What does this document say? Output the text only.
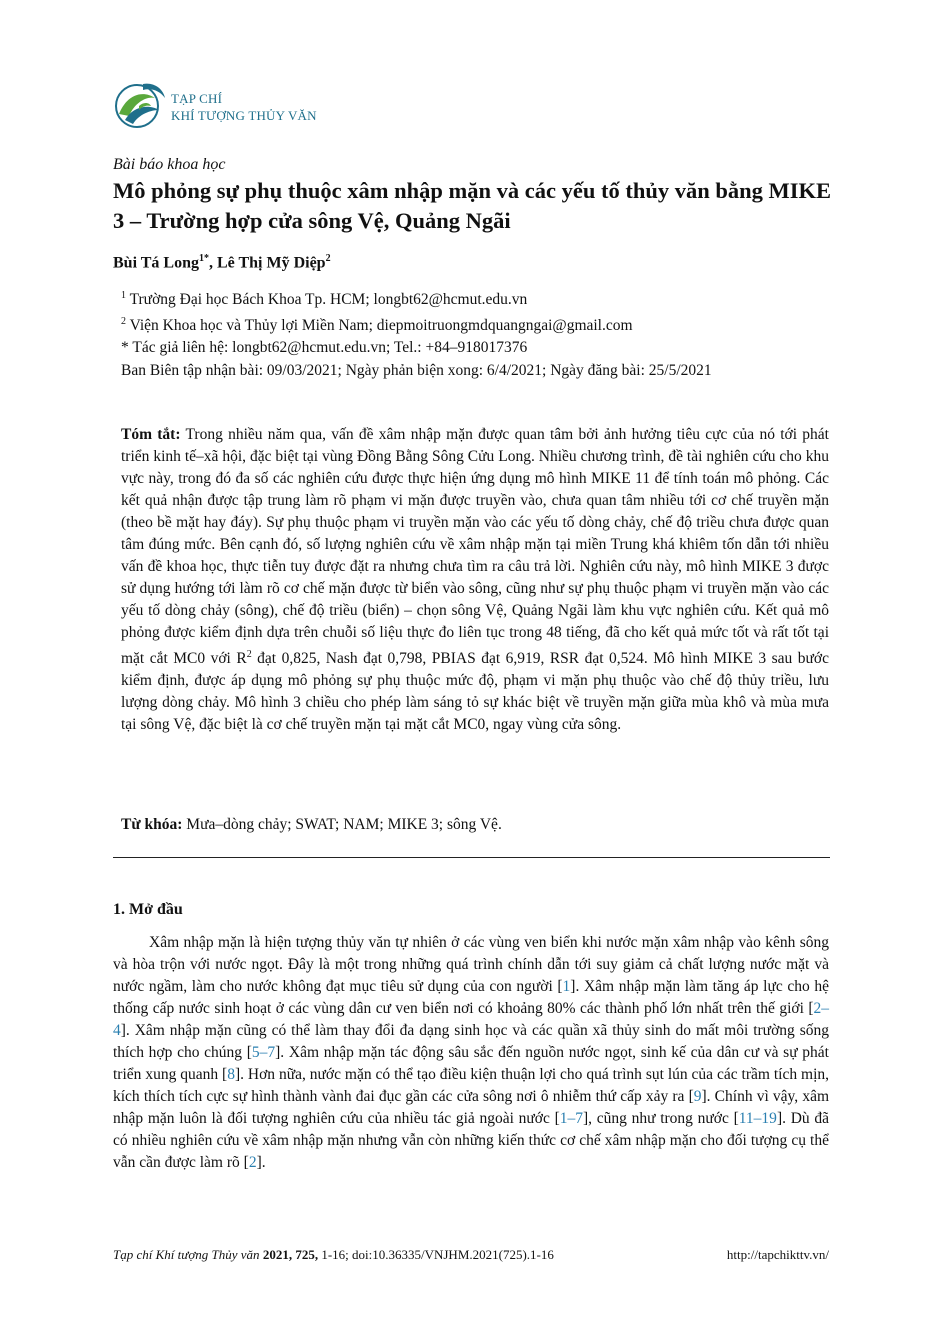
TẠP CHÍ
KHÍ TƯỢNG THỦY VĂN
Bài báo khoa học
Mô phỏng sự phụ thuộc xâm nhập mặn và các yếu tố thủy văn bằng MIKE 3 – Trường hợp cửa sông Vệ, Quảng Ngãi
Bùi Tá Long$^{1*}$, Lê Thị Mỹ Diệp$^2$
$^1$ Trường Đại học Bách Khoa Tp. HCM; longbt62@hcmut.edu.vn
$^2$ Viện Khoa học và Thủy lợi Miền Nam; diepmoitruongmdquangngai@gmail.com
* Tác giả liên hệ: longbt62@hcmut.edu.vn; Tel.: +84–918017376
Ban Biên tập nhận bài: 09/03/2021; Ngày phản biện xong: 6/4/2021; Ngày đăng bài: 25/5/2021
Tóm tắt: Trong nhiều năm qua, vấn đề xâm nhập mặn được quan tâm bởi ảnh hưởng tiêu cực của nó tới phát triển kinh tế–xã hội, đặc biệt tại vùng Đồng Bằng Sông Cửu Long. Nhiều chương trình, đề tài nghiên cứu cho khu vực này, trong đó đa số các nghiên cứu được thực hiện ứng dụng mô hình MIKE 11 để tính toán mô phỏng. Các kết quả nhận được tập trung làm rõ phạm vi mặn được truyền vào, chưa quan tâm nhiều tới cơ chế truyền mặn (theo bề mặt hay đáy). Sự phụ thuộc phạm vi truyền mặn vào các yếu tố dòng chảy, chế độ triều chưa được quan tâm đúng mức. Bên cạnh đó, số lượng nghiên cứu về xâm nhập mặn tại miền Trung khá khiêm tốn dẫn tới nhiều vấn đề khoa học, thực tiễn tuy được đặt ra nhưng chưa tìm ra câu trả lời. Nghiên cứu này, mô hình MIKE 3 được sử dụng hướng tới làm rõ cơ chế mặn được từ biển vào sông, cũng như sự phụ thuộc phạm vi truyền mặn vào các yếu tố dòng chảy (sông), chế độ triều (biển) – chọn sông Vệ, Quảng Ngãi làm khu vực nghiên cứu. Kết quả mô phỏng được kiểm định dựa trên chuỗi số liệu thực đo liên tục trong 48 tiếng, đã cho kết quả mức tốt và rất tốt tại mặt cắt MC0 với $R^2$ đạt 0,825, Nash đạt 0,798, PBIAS đạt 6,919, RSR đạt 0,524. Mô hình MIKE 3 sau bước kiểm định, được áp dụng mô phỏng sự phụ thuộc mức độ, phạm vi mặn phụ thuộc vào chế độ thủy triều, lưu lượng dòng chảy. Mô hình 3 chiều cho phép làm sáng tỏ sự khác biệt về truyền mặn giữa mùa khô và mùa mưa tại sông Vệ, đặc biệt là cơ chế truyền mặn tại mặt cắt MC0, ngay vùng cửa sông.
Từ khóa: Mưa–dòng chảy; SWAT; NAM; MIKE 3; sông Vệ.
1. Mở đầu
Xâm nhập mặn là hiện tượng thủy văn tự nhiên ở các vùng ven biển khi nước mặn xâm nhập vào kênh sông và hòa trộn với nước ngọt. Đây là một trong những quá trình chính dẫn tới suy giảm cả chất lượng nước mặt và nước ngầm, làm cho nước không đạt mục tiêu sử dụng của con người [1]. Xâm nhập mặn làm tăng áp lực cho hệ thống cấp nước sinh hoạt ở các vùng dân cư ven biển nơi có khoảng 80% các thành phố lớn nhất trên thế giới [2–4]. Xâm nhập mặn cũng có thể làm thay đổi đa dạng sinh học và các quần xã thủy sinh do mất môi trường sống thích hợp cho chúng [5–7]. Xâm nhập mặn tác động sâu sắc đến nguồn nước ngọt, sinh kế của dân cư và sự phát triển xung quanh [8]. Hơn nữa, nước mặn có thể tạo điều kiện thuận lợi cho quá trình sụt lún của các trầm tích mịn, kích thích tích cực sự hình thành vành đai đục gần các cửa sông nơi ô nhiễm thứ cấp xảy ra [9]. Chính vì vậy, xâm nhập mặn luôn là đối tượng nghiên cứu của nhiều tác giả ngoài nước [1–7], cũng như trong nước [11–19]. Dù đã có nhiều nghiên cứu về xâm nhập mặn nhưng vẫn còn những kiến thức cơ chế xâm nhập mặn cho đối tượng cụ thể vẫn cần được làm rõ [2].
Tạp chí Khí tượng Thủy văn 2021, 725, 1-16; doi:10.36335/VNJHM.2021(725).1-16	http://tapchikttv.vn/
